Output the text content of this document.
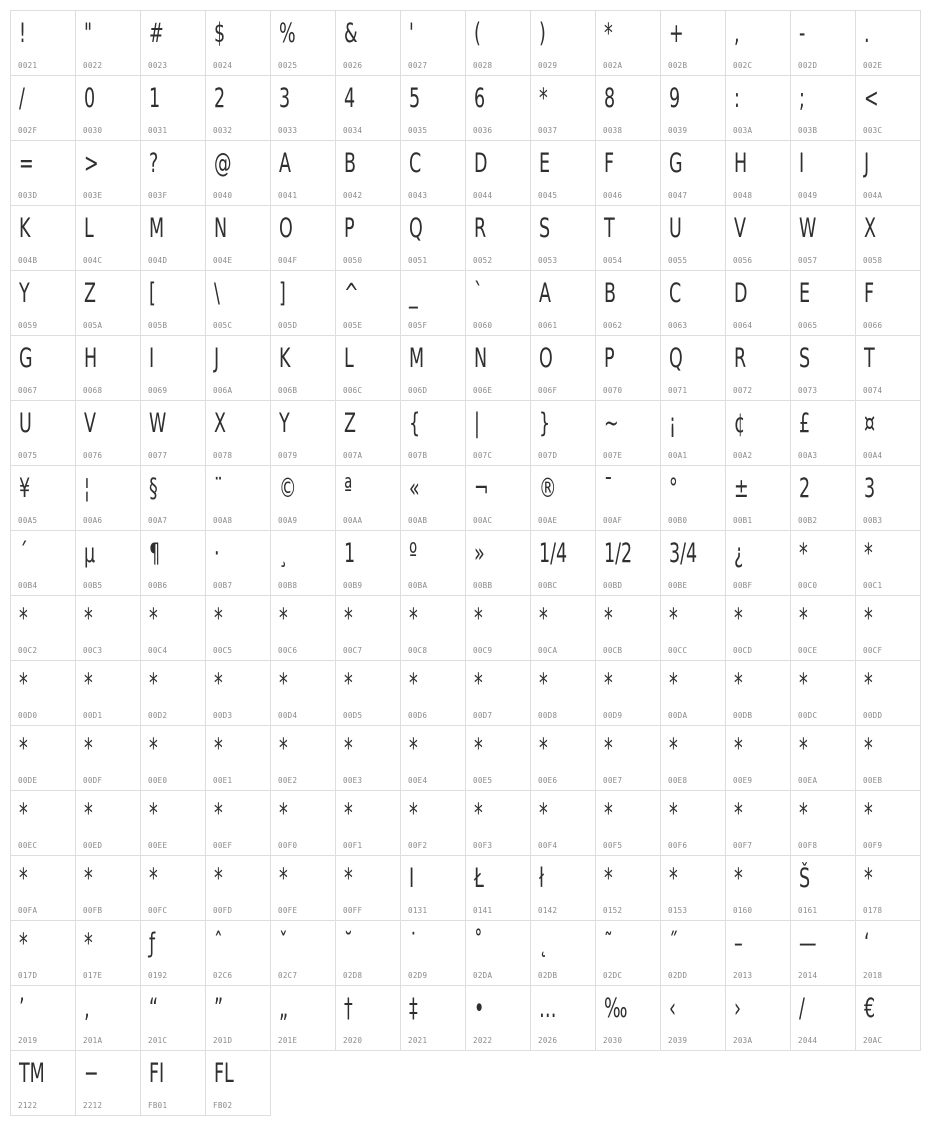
!
0021
"
0022
#
0023
$
0024
%
0025
&
0026
'
0027
(
0028
)
0029
*
002A
+
002B
,
002C
-
002D
.
002E
/
002F
0
0030
1
0031
2
0032
3
0033
4
0034
5
0035
6
0036
*
0037
8
0038
9
0039
:
003A
;
003B
<
003C
=
003D
>
003E
?
003F
@
0040
A
0041
B
0042
C
0043
D
0044
E
0045
F
0046
G
0047
H
0048
I
0049
J
004A
K
004B
L
004C
M
004D
N
004E
O
004F
P
0050
Q
0051
R
0052
S
0053
T
0054
U
0055
V
0056
W
0057
X
0058
Y
0059
Z
005A
[
005B
\
005C
]
005D
^
005E
_
005F
`
0060
A
0061
B
0062
C
0063
D
0064
E
0065
F
0066
G
0067
H
0068
I
0069
J
006A
K
006B
L
006C
M
006D
N
006E
O
006F
P
0070
Q
0071
R
0072
S
0073
T
0074
U
0075
V
0076
W
0077
X
0078
Y
0079
Z
007A
{
007B
|
007C
}
007D
~
007E
¡
00A1
¢
00A2
£
00A3
¤
00A4
¥
00A5
¦
00A6
§
00A7
¨
00A8
©
00A9
ª
00AA
«
00AB
¬
00AC
®
00AE
¯
00AF
°
00B0
±
00B1
2
00B2
3
00B3
´
00B4
µ
00B5
¶
00B6
·
00B7
¸
00B8
1
00B9
º
00BA
»
00BB
1/4
00BC
1/2
00BD
3/4
00BE
¿
00BF
*
00C0
*
00C1
*
00C2
*
00C3
*
00C4
*
00C5
*
00C6
*
00C7
*
00C8
*
00C9
*
00CA
*
00CB
*
00CC
*
00CD
*
00CE
*
00CF
*
00D0
*
00D1
*
00D2
*
00D3
*
00D4
*
00D5
*
00D6
*
00D7
*
00D8
*
00D9
*
00DA
*
00DB
*
00DC
*
00DD
*
00DE
*
00DF
*
00E0
*
00E1
*
00E2
*
00E3
*
00E4
*
00E5
*
00E6
*
00E7
*
00E8
*
00E9
*
00EA
*
00EB
*
00EC
*
00ED
*
00EE
*
00EF
*
00F0
*
00F1
*
00F2
*
00F3
*
00F4
*
00F5
*
00F6
*
00F7
*
00F8
*
00F9
*
00FA
*
00FB
*
00FC
*
00FD
*
00FE
*
00FF
I
0131
Ł
0141
ł
0142
*
0152
*
0153
*
0160
Š
0161
*
0178
*
017D
*
017E
ƒ
0192
ˆ
02C6
ˇ
02C7
˘
02D8
˙
02D9
˚
02DA
˛
02DB
˜
02DC
˝
02DD
–
2013
—
2014
‘
2018
’
2019
‚
201A
“
201C
”
201D
„
201E
†
2020
‡
2021
•
2022
…
2026
‰
2030
‹
2039
›
203A
/
2044
€
20AC
TM
2122
−
2212
FI
FB01
FL
FB02
